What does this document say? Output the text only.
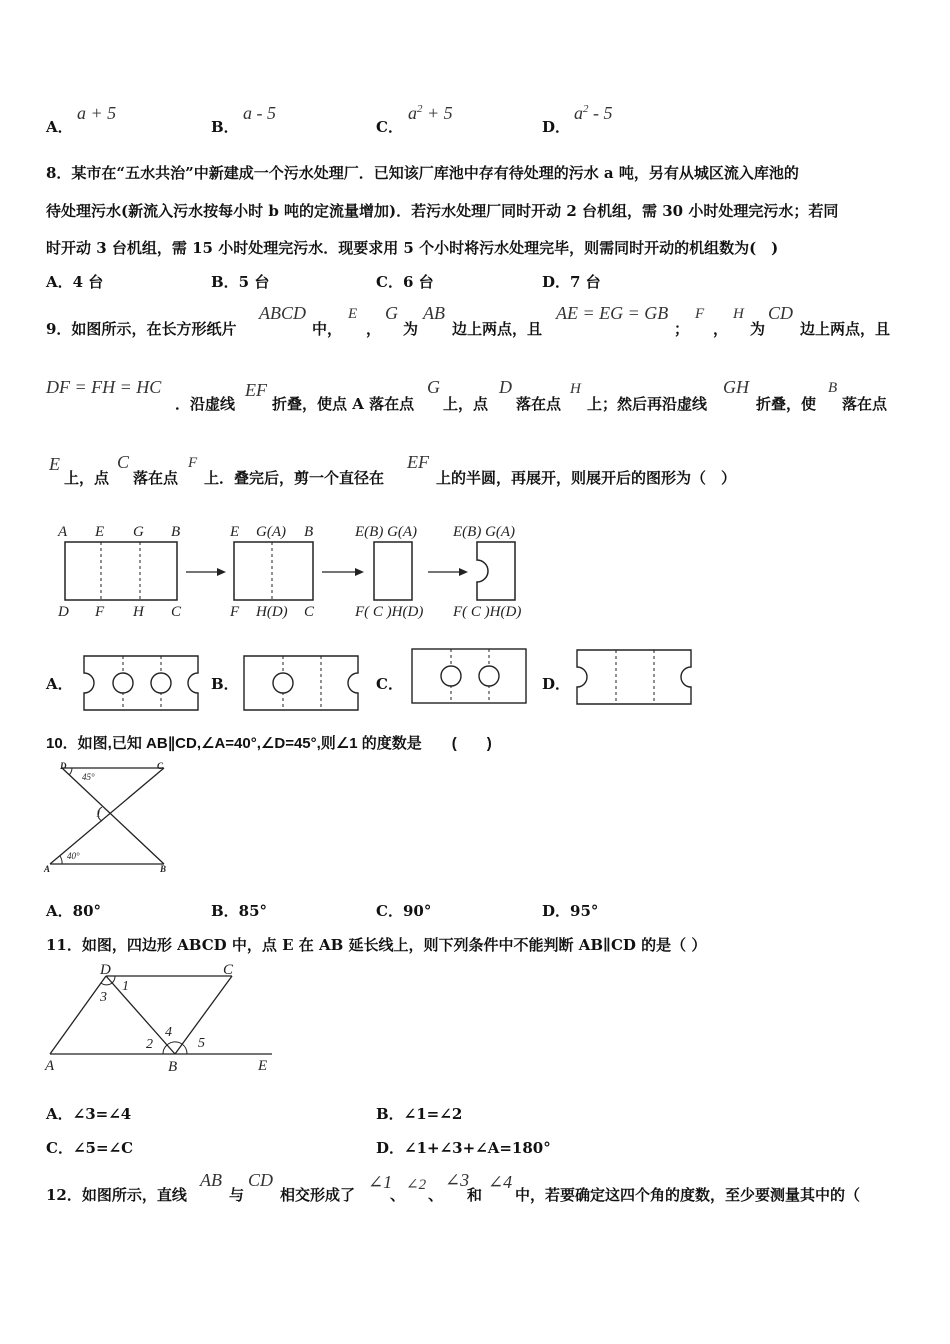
A．
a + 5
B．
a - 5
C．
$a^2 + 5$
D．
$a^2 - 5$
8．某市在“五水共治”中新建成一个污水处理厂．已知该厂库池中存有待处理的污水 a 吨，另有从城区流入库池的
待处理污水(新流入污水按每小时 b 吨的定流量增加)．若污水处理厂同时开动 2 台机组，需 30 小时处理完污水；若同
时开动 3 台机组，需 15 小时处理完污水．现要求用 5 个小时将污水处理完毕，则需同时开动的机组数为(　)
A．4 台	B．5 台	C．6 台	D．7 台
9．如图所示，在长方形纸片
ABCD
中，
E
，
G
为
AB
边上两点，且
AE = EG = GB
；
F
，
H
为
CD
边上两点，且
DF = FH = HC
．沿虚线
EF
折叠，使点 A 落在点
G
上，点
D
落在点
H
上；然后再沿虚线
GH
折叠，使
B
落在点
E
上，点
C
落在点
F
上．叠完后，剪一个直径在
EF
上的半圆，再展开，则展开后的图形为（　）
A E G B
D F H C
E G(A) B
F H(D) C
E(B) G(A)
F( C )H(D)
E(B) G(A)
F( C )H(D)
A．	B．	C．	D．
10．如图,已知 AB∥CD,∠A=40°,∠D=45°,则∠1 的度数是　　(　　)
D	C
A	B
45°
40°
1
A．80°	B．85°	C．90°	D．95°
11．如图，四边形 ABCD 中，点 E 在 AB 延长线上，则下列条件中不能判断 AB∥CD 的是（ ）
D	C
A	B	E
1
3
2
4
5
A．∠3=∠4	B．∠1=∠2
C．∠5=∠C	D．∠1+∠3+∠A=180°
12．如图所示，直线
AB
与
CD
相交形成了
∠1
、
∠2
、
∠3
和
∠4
中，若要确定这四个角的度数，至少要测量其中的（
